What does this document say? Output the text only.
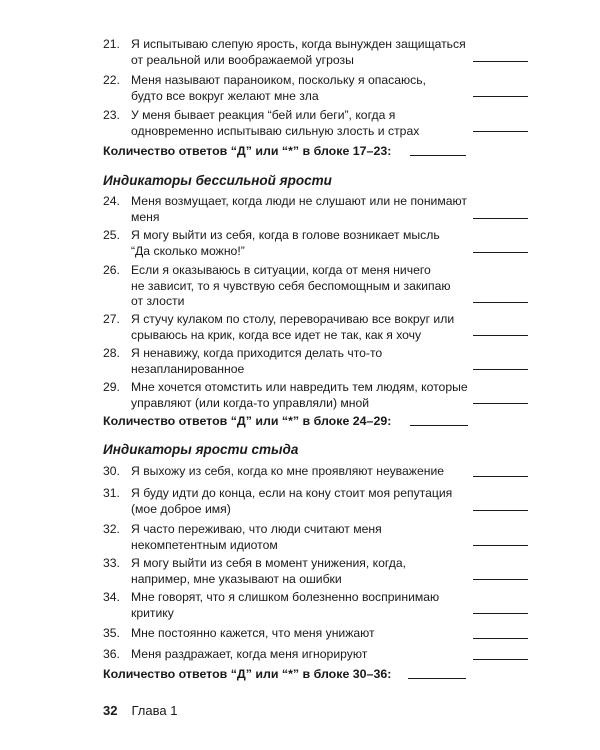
21. Я испытываю слепую ярость, когда вынужден защищаться
от реальной или воображаемой угрозы
22. Меня называют параноиком, поскольку я опасаюсь,
будто все вокруг желают мне зла
23. У меня бывает реакция “бей или беги”, когда я
одновременно испытываю сильную злость и страх
Количество ответов “Д” или “*” в блоке 17–23:
Индикаторы бессильной ярости
24. Меня возмущает, когда люди не слушают или не понимают
меня
25. Я могу выйти из себя, когда в голове возникает мысль
“Да сколько можно!”
26. Если я оказываюсь в ситуации, когда от меня ничего
не зависит, то я чувствую себя беспомощным и закипаю
от злости
27. Я стучу кулаком по столу, переворачиваю все вокруг или
срываюсь на крик, когда все идет не так, как я хочу
28. Я ненавижу, когда приходится делать что-то
незапланированное
29. Мне хочется отомстить или навредить тем людям, которые
управляют (или когда-то управляли) мной
Количество ответов “Д” или “*” в блоке 24–29:
Индикаторы ярости стыда
30. Я выхожу из себя, когда ко мне проявляют неуважение
31. Я буду идти до конца, если на кону стоит моя репутация
(мое доброе имя)
32. Я часто переживаю, что люди считают меня
некомпетентным идиотом
33. Я могу выйти из себя в момент унижения, когда,
например, мне указывают на ошибки
34. Мне говорят, что я слишком болезненно воспринимаю
критику
35. Мне постоянно кажется, что меня унижают
36. Меня раздражает, когда меня игнорируют
Количество ответов “Д” или “*” в блоке 30–36:
32 Глава 1
